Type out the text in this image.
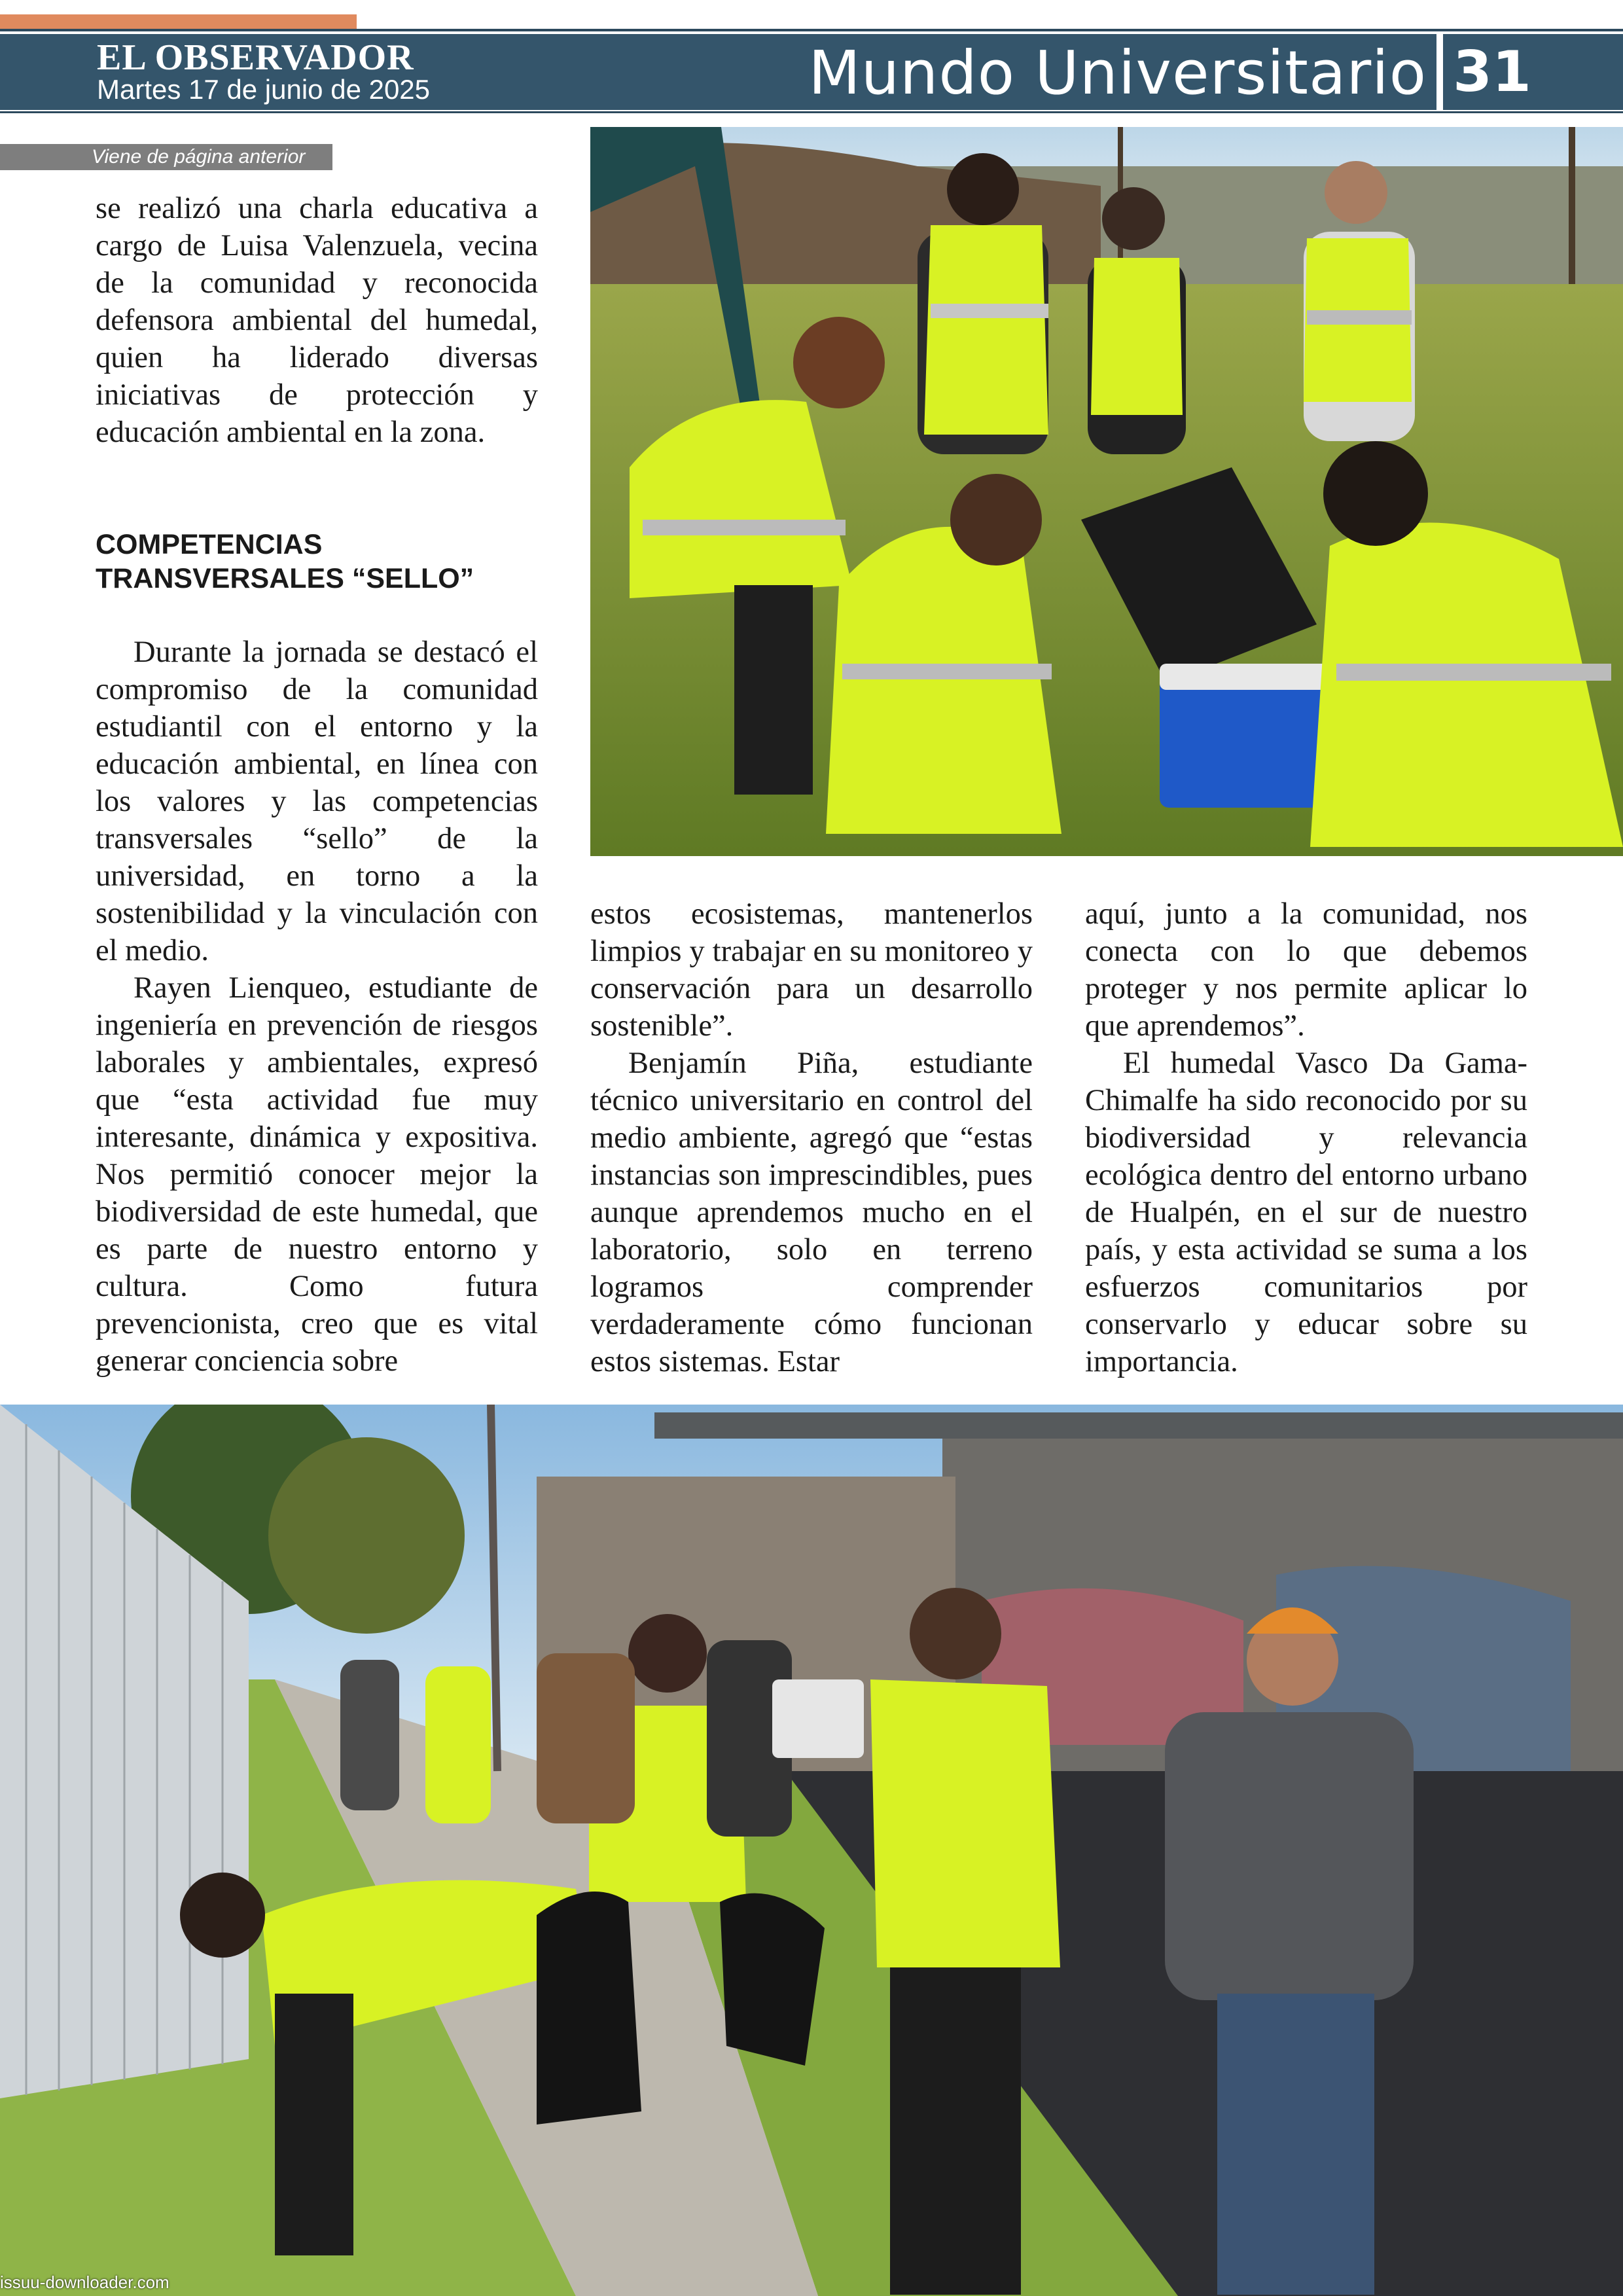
EL OBSERVADOR
Martes 17 de junio de 2025	Mundo Universitario 31
Viene de página anterior

se realizó una charla educativa a cargo de Luisa Valenzuela, vecina de la comunidad y reconocida defensora ambiental del humedal, quien ha liderado diversas iniciativas de protección y educación ambiental en la zona.

COMPETENCIAS TRANSVERSALES “SELLO”

Durante la jornada se destacó el compromiso de la comunidad estudiantil con el entorno y la educación ambiental, en línea con los valores y las competencias transversales “sello” de la universidad, en torno a la sostenibilidad y la vinculación con el medio.

Rayen Lienqueo, estudiante de ingeniería en prevención de riesgos laborales y ambientales, expresó que “esta actividad fue muy interesante, dinámica y expositiva. Nos permitió conocer mejor la biodiversidad de este humedal, que es parte de nuestro entorno y cultura. Como futura prevencionista, creo que es vital generar conciencia sobre

estos ecosistemas, mantenerlos limpios y trabajar en su monitoreo y conservación para un desarrollo sostenible”.

Benjamín Piña, estudiante técnico universitario en control del medio ambiente, agregó que “estas instancias son imprescindibles, pues aunque aprendemos mucho en el laboratorio, solo en terreno logramos comprender verdaderamente cómo funcionan estos sistemas. Estar

aquí, junto a la comunidad, nos conecta con lo que debemos proteger y nos permite aplicar lo que aprendemos”.

El humedal Vasco Da Gama-Chimalfe ha sido reconocido por su biodiversidad y relevancia ecológica dentro del entorno urbano de Hualpén, en el sur de nuestro país, y esta actividad se suma a los esfuerzos comunitarios por conservarlo y educar sobre su importancia.

issuu-downloader.com
